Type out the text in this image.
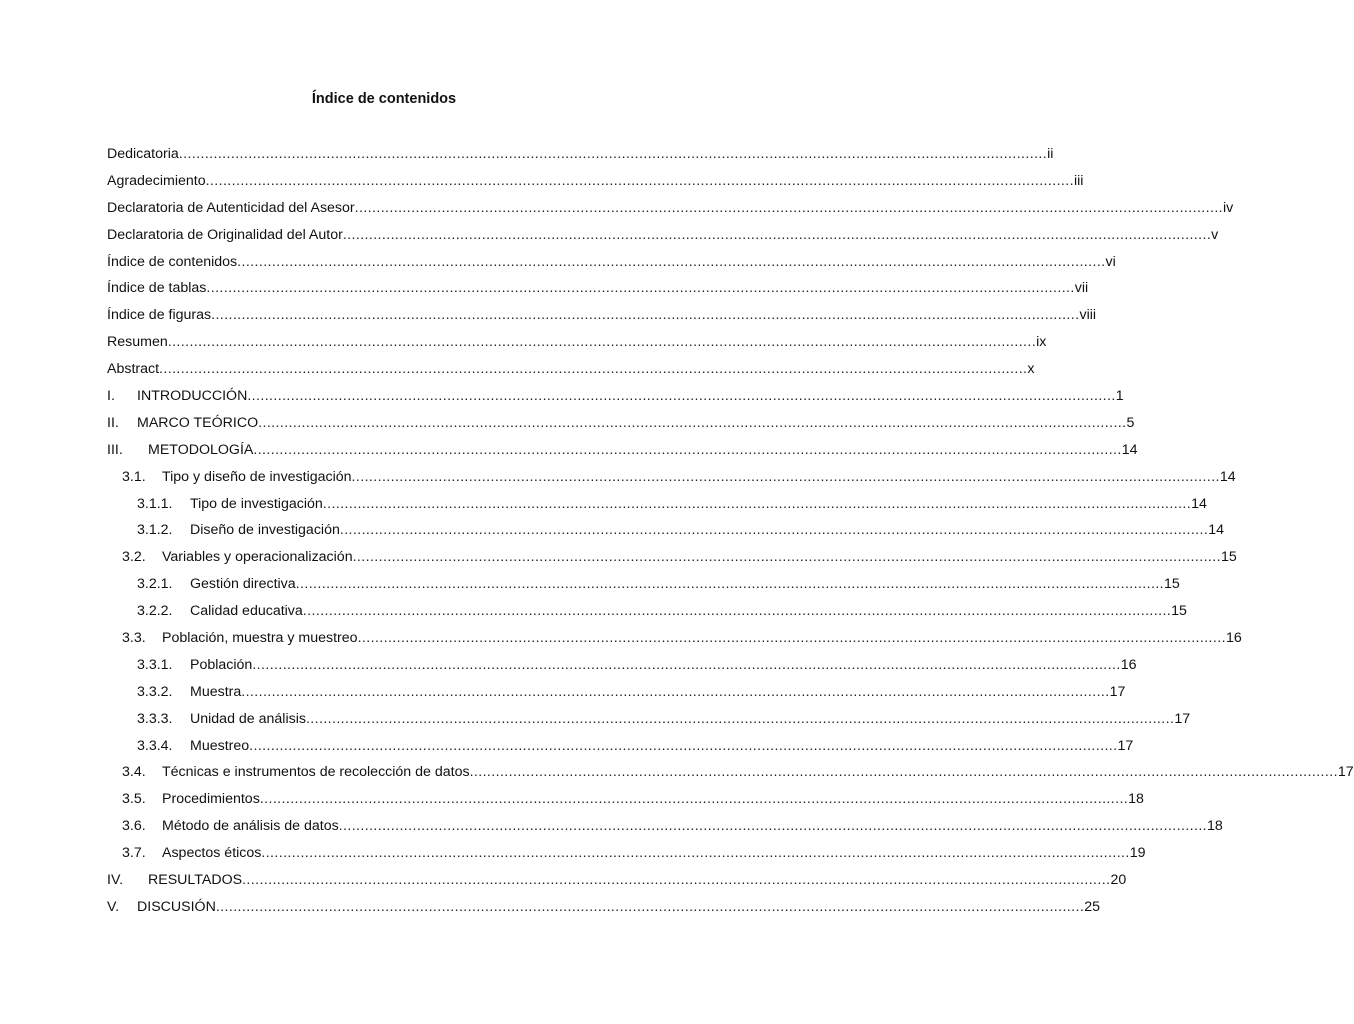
Índice de contenidos
Dedicatoria ........................................................................................................................................................................................................ ii
Agradecimiento ........................................................................................................................................................................................................ iii
Declaratoria de Autenticidad del Asesor ........................................................................................................................................................................................................ iv
Declaratoria de Originalidad del Autor ........................................................................................................................................................................................................ v
Índice de contenidos ........................................................................................................................................................................................................ vi
Índice de tablas ........................................................................................................................................................................................................ vii
Índice de figuras ........................................................................................................................................................................................................ viii
Resumen ........................................................................................................................................................................................................ ix
Abstract ........................................................................................................................................................................................................ x
I.	INTRODUCCIÓN ........................................................................................................................................................................................................ 1
II.	MARCO TEÓRICO ........................................................................................................................................................................................................ 5
III.	METODOLOGÍA ........................................................................................................................................................................................................ 14
3.1.	Tipo y diseño de investigación ........................................................................................................................................................................................................ 14
3.1.1.	Tipo de investigación ........................................................................................................................................................................................................ 14
3.1.2.	Diseño de investigación ........................................................................................................................................................................................................ 14
3.2.	Variables y operacionalización ........................................................................................................................................................................................................ 15
3.2.1.	Gestión directiva ........................................................................................................................................................................................................ 15
3.2.2.	Calidad educativa ........................................................................................................................................................................................................ 15
3.3.	Población, muestra y muestreo ........................................................................................................................................................................................................ 16
3.3.1.	Población ........................................................................................................................................................................................................ 16
3.3.2.	Muestra ........................................................................................................................................................................................................ 17
3.3.3.	Unidad de análisis ........................................................................................................................................................................................................ 17
3.3.4.	Muestreo ........................................................................................................................................................................................................ 17
3.4.	Técnicas e instrumentos de recolección de datos ........................................................................................................................................................................................................ 17
3.5.	Procedimientos ........................................................................................................................................................................................................ 18
3.6.	Método de análisis de datos ........................................................................................................................................................................................................ 18
3.7.	Aspectos éticos ........................................................................................................................................................................................................ 19
IV.	RESULTADOS ........................................................................................................................................................................................................ 20
V.	DISCUSIÓN ........................................................................................................................................................................................................ 25
